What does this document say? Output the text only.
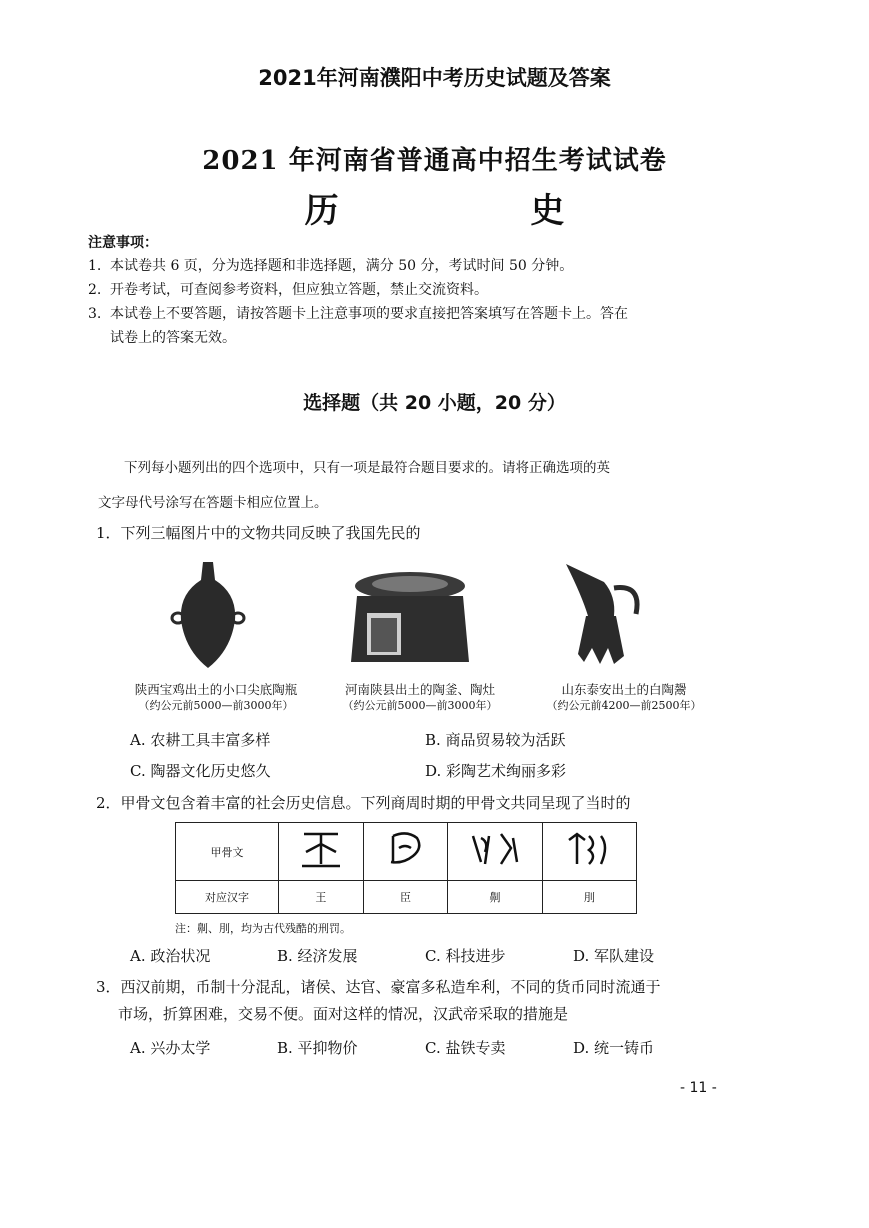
2021年河南濮阳中考历史试题及答案
2021 年河南省普通高中招生考试试卷
历 史
注意事项：
1. 本试卷共 6 页，分为选择题和非选择题，满分 50 分，考试时间 50 分钟。
2. 开卷考试，可查阅参考资料，但应独立答题，禁止交流资料。
3. 本试卷上不要答题，请按答题卡上注意事项的要求直接把答案填写在答题卡上。答在
试卷上的答案无效。
选择题（共 20 小题，20 分）
下列每小题列出的四个选项中，只有一项是最符合题目要求的。请将正确选项的英
文字母代号涂写在答题卡相应位置上。
1．下列三幅图片中的文物共同反映了我国先民的
陕西宝鸡出土的小口尖底陶瓶
（约公元前5000—前3000年）
河南陕县出土的陶釜、陶灶
（约公元前5000—前3000年）
山东泰安出土的白陶鬶
（约公元前4200—前2500年）
A. 农耕工具丰富多样	B. 商品贸易较为活跃
C. 陶器文化历史悠久	D. 彩陶艺术绚丽多彩
2．甲骨文包含着丰富的社会历史信息。下列商周时期的甲骨文共同呈现了当时的
甲骨文				
对应汉字	王	臣	劓	刖
注：劓、刖，均为古代残酷的刑罚。
A. 政治状况	B. 经济发展	C. 科技进步	D. 军队建设
3．西汉前期，币制十分混乱，诸侯、达官、豪富多私造牟利，不同的货币同时流通于
市场，折算困难，交易不便。面对这样的情况，汉武帝采取的措施是
A. 兴办太学	B. 平抑物价	C. 盐铁专卖	D. 统一铸币
- 11 -
